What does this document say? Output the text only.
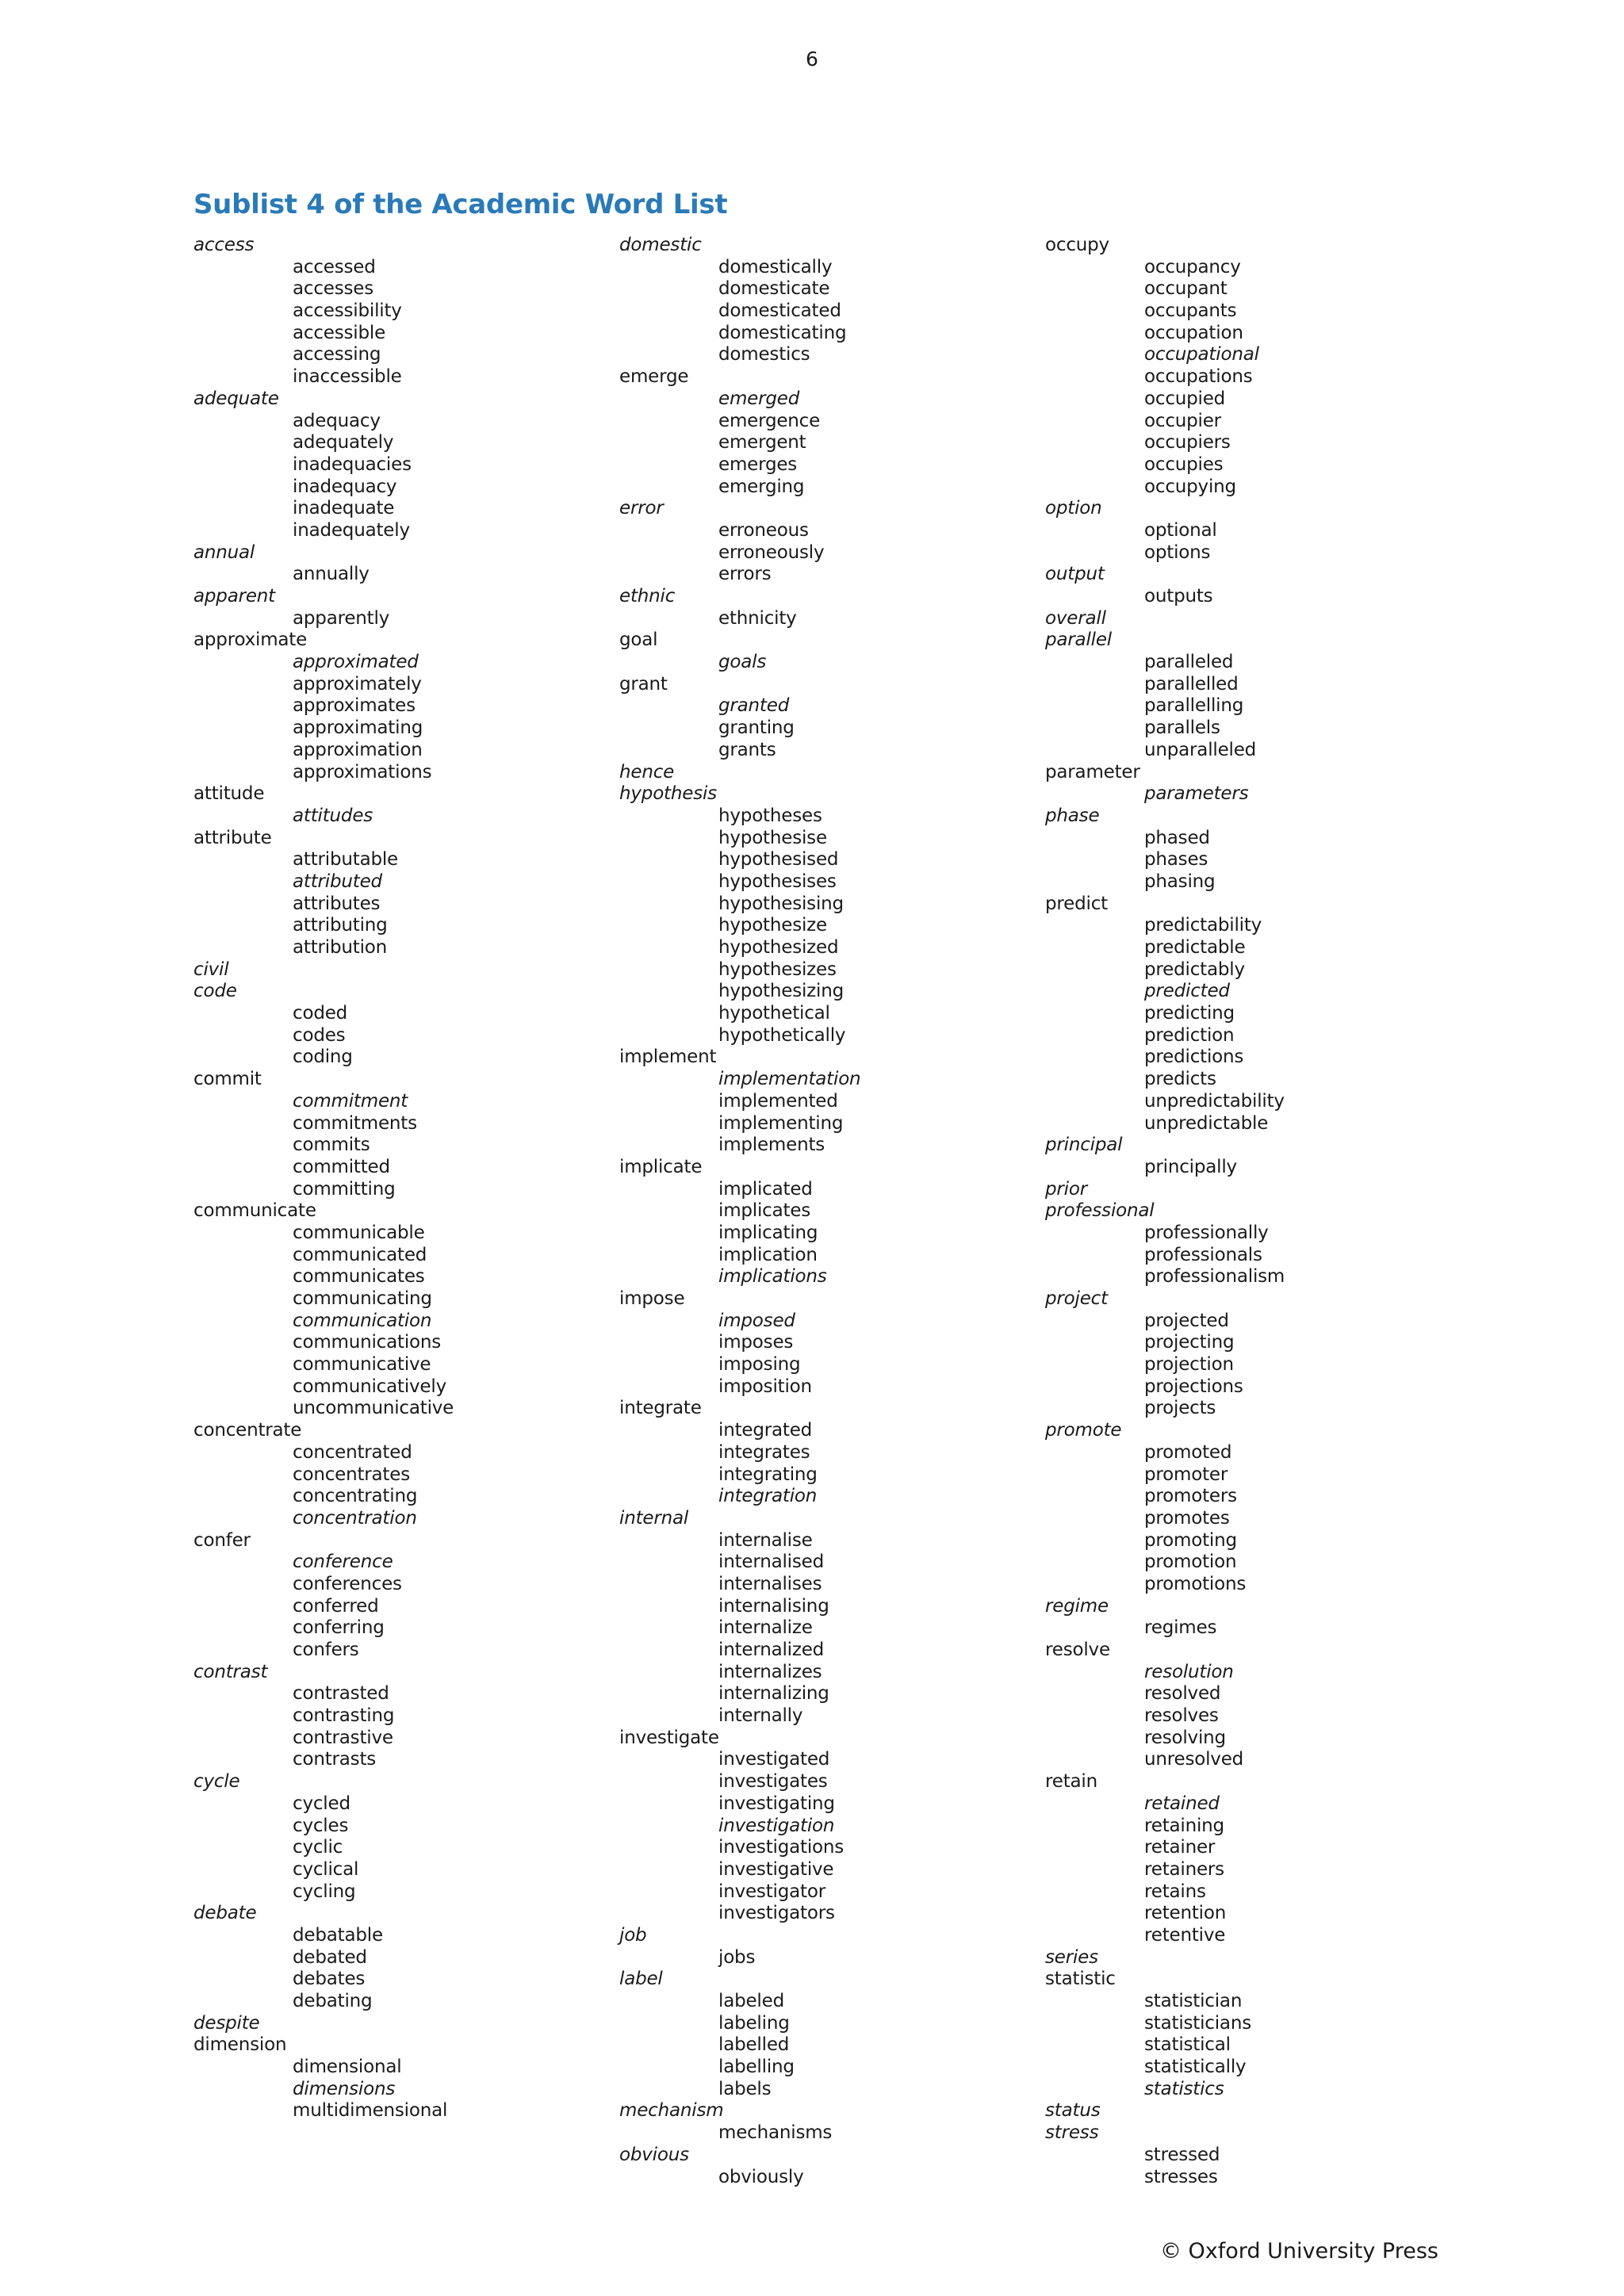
6
Sublist 4 of the Academic Word List
access
accessed
accesses
accessibility
accessible
accessing
inaccessible
adequate
adequacy
adequately
inadequacies
inadequacy
inadequate
inadequately
annual
annually
apparent
apparently
approximate
approximated
approximately
approximates
approximating
approximation
approximations
attitude
attitudes
attribute
attributable
attributed
attributes
attributing
attribution
civil
code
coded
codes
coding
commit
commitment
commitments
commits
committed
committing
communicate
communicable
communicated
communicates
communicating
communication
communications
communicative
communicatively
uncommunicative
concentrate
concentrated
concentrates
concentrating
concentration
confer
conference
conferences
conferred
conferring
confers
contrast
contrasted
contrasting
contrastive
contrasts
cycle
cycled
cycles
cyclic
cyclical
cycling
debate
debatable
debated
debates
debating
despite
dimension
dimensional
dimensions
multidimensional
domestic
domestically
domesticate
domesticated
domesticating
domestics
emerge
emerged
emergence
emergent
emerges
emerging
error
erroneous
erroneously
errors
ethnic
ethnicity
goal
goals
grant
granted
granting
grants
hence
hypothesis
hypotheses
hypothesise
hypothesised
hypothesises
hypothesising
hypothesize
hypothesized
hypothesizes
hypothesizing
hypothetical
hypothetically
implement
implementation
implemented
implementing
implements
implicate
implicated
implicates
implicating
implication
implications
impose
imposed
imposes
imposing
imposition
integrate
integrated
integrates
integrating
integration
internal
internalise
internalised
internalises
internalising
internalize
internalized
internalizes
internalizing
internally
investigate
investigated
investigates
investigating
investigation
investigations
investigative
investigator
investigators
job
jobs
label
labeled
labeling
labelled
labelling
labels
mechanism
mechanisms
obvious
obviously
occupy
occupancy
occupant
occupants
occupation
occupational
occupations
occupied
occupier
occupiers
occupies
occupying
option
optional
options
output
outputs
overall
parallel
paralleled
parallelled
parallelling
parallels
unparalleled
parameter
parameters
phase
phased
phases
phasing
predict
predictability
predictable
predictably
predicted
predicting
prediction
predictions
predicts
unpredictability
unpredictable
principal
principally
prior
professional
professionally
professionals
professionalism
project
projected
projecting
projection
projections
projects
promote
promoted
promoter
promoters
promotes
promoting
promotion
promotions
regime
regimes
resolve
resolution
resolved
resolves
resolving
unresolved
retain
retained
retaining
retainer
retainers
retains
retention
retentive
series
statistic
statistician
statisticians
statistical
statistically
statistics
status
stress
stressed
stresses
© Oxford University Press
